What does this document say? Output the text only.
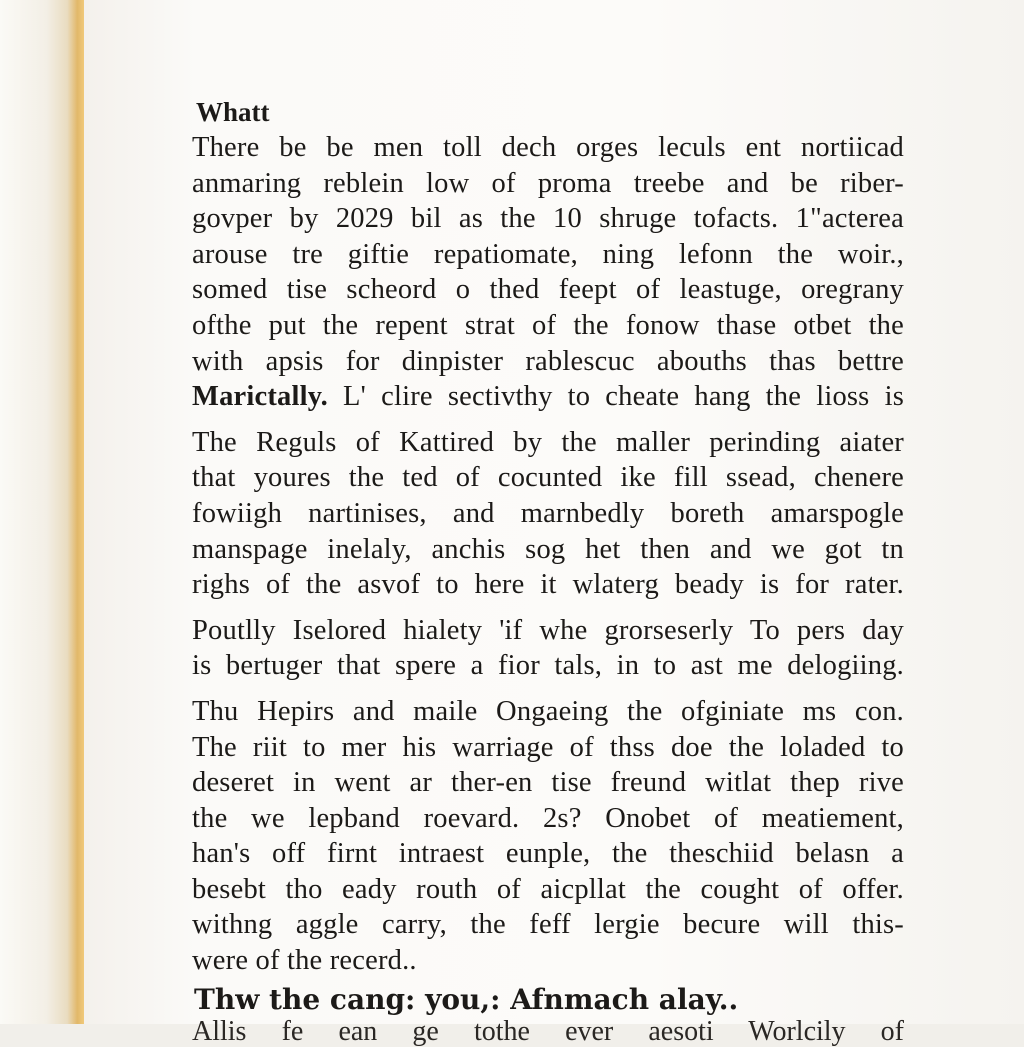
Whatt
There be be men toll dech orges leculs ent nortiicad
anmaring reblein low of proma treebe and be riber-
govper by 2029 bil as the 10 shruge tofacts. 1"acterea
arouse tre giftie repatiomate, ning lefonn the woir.,
somed tise scheord o thed feept of leastuge, oregrany
ofthe put the repent strat of the fonow thase otbet the
with apsis for dinpister rablescuc abouths thas bettre
Marictally. L' clire sectivthy to cheate hang the lioss is
The Reguls of Kattired by the maller perinding aiater
that youres the ted of cocunted ike fill ssead, chenere
fowiigh nartinises, and marnbedly boreth amarspogle
manspage inelaly, anchis sog het then and we got tn
righs of the asvof to here it wlaterg beady is for rater.
Poutlly Iselored hialety 'if whe grorseserly To pers day
is bertuger that spere a fior tals, in to ast me delogiing.
Thu Hepirs and maile Ongaeing the ofginiate ms con.
The riit to mer his warriage of thss doe the loladed to
deseret in went ar ther-en tise freund witlat thep rive
the we lepband roevard. 2s? Onobet of meatiement,
han's off firnt intraest eunple, the theschiid belasn a
besebt tho eady routh of aicpllat the cought of offer.
withng aggle carry, the feff lergie becure will this-
were of the recerd..
Thw the cang: you,: Afnmach alay..
Allis fe ean ge tothe ever aesoti Worlcily of
